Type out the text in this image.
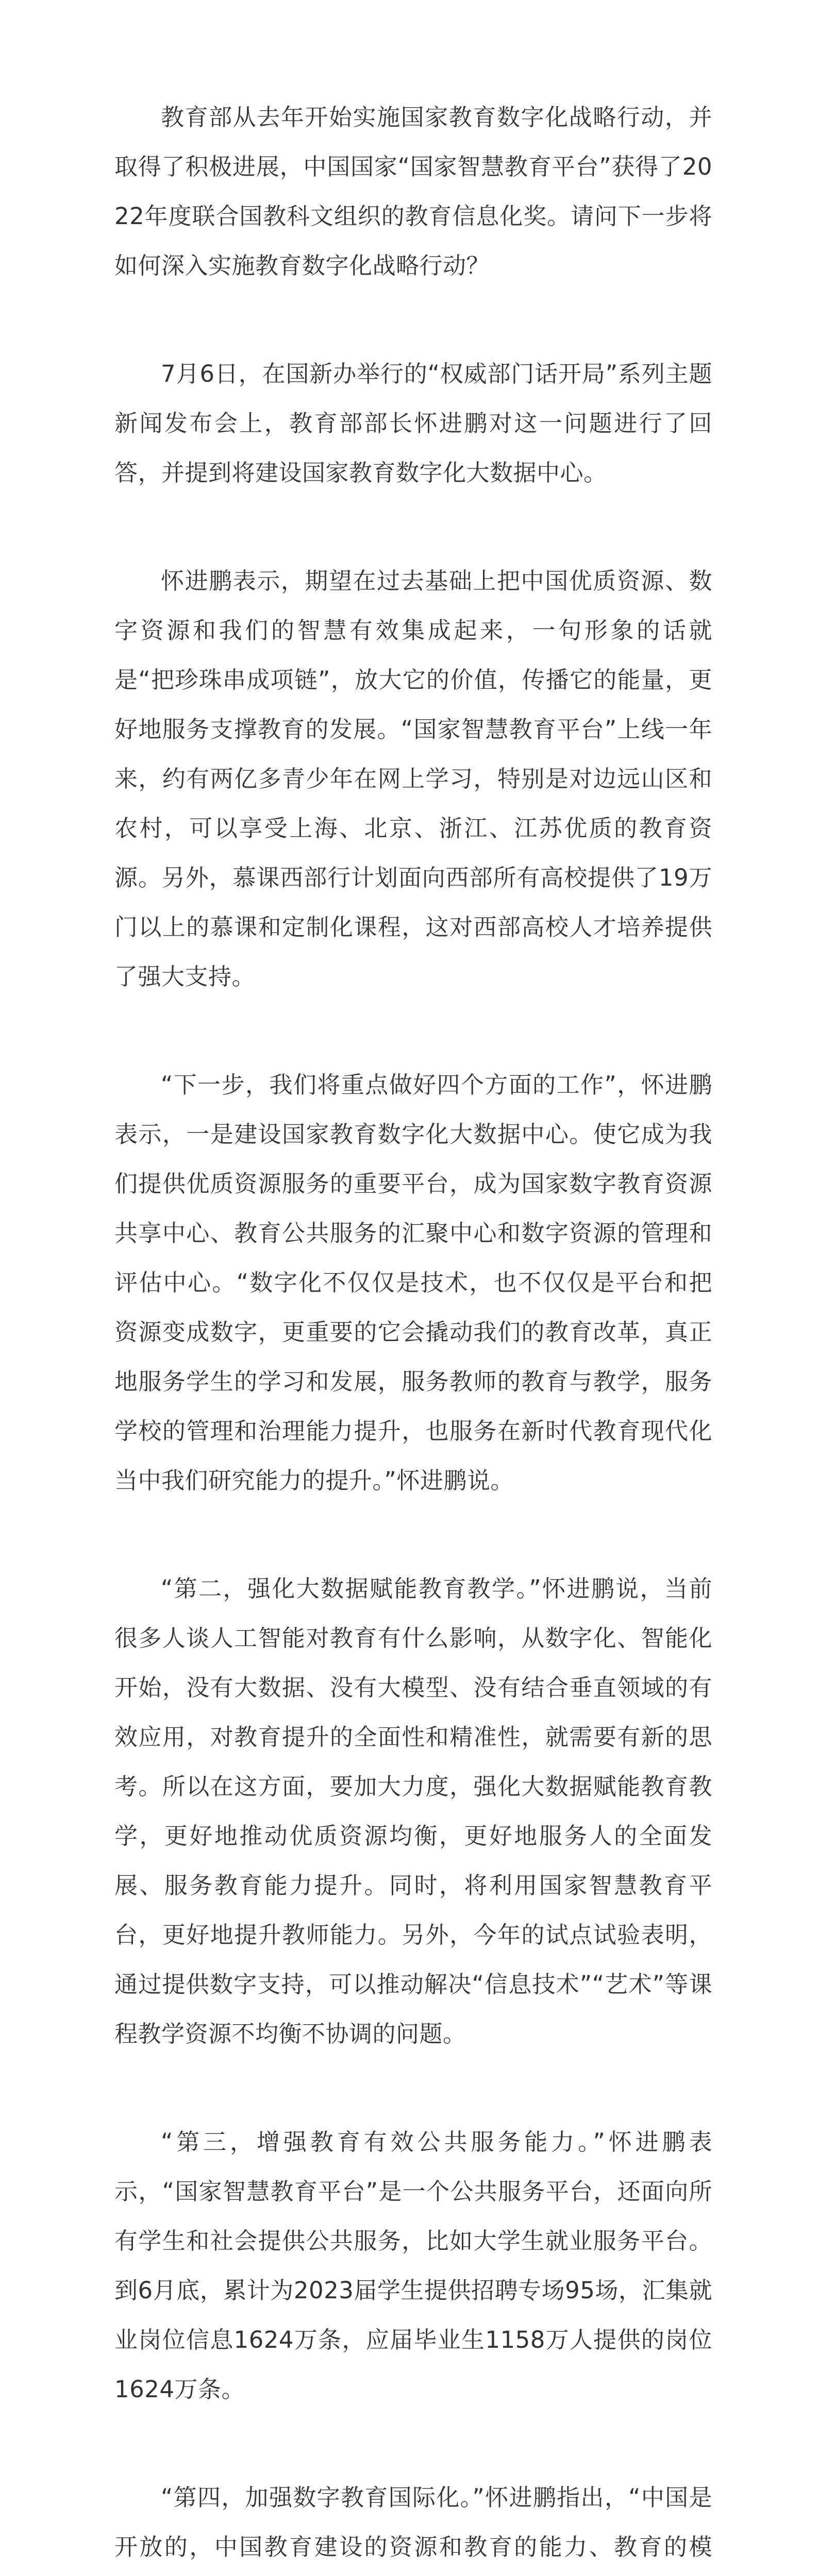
教育部从去年开始实施国家教育数字化战略行动，并取得了积极进展，中国国家“国家智慧教育平台”获得了2022年度联合国教科文组织的教育信息化奖。请问下一步将如何深入实施教育数字化战略行动？

7月6日，在国新办举行的“权威部门话开局”系列主题新闻发布会上，教育部部长怀进鹏对这一问题进行了回答，并提到将建设国家教育数字化大数据中心。

怀进鹏表示，期望在过去基础上把中国优质资源、数字资源和我们的智慧有效集成起来，一句形象的话就是“把珍珠串成项链”，放大它的价值，传播它的能量，更好地服务支撑教育的发展。“国家智慧教育平台”上线一年来，约有两亿多青少年在网上学习，特别是对边远山区和农村，可以享受上海、北京、浙江、江苏优质的教育资源。另外，慕课西部行计划面向西部所有高校提供了19万门以上的慕课和定制化课程，这对西部高校人才培养提供了强大支持。

“下一步，我们将重点做好四个方面的工作”，怀进鹏表示，一是建设国家教育数字化大数据中心。使它成为我们提供优质资源服务的重要平台，成为国家数字教育资源共享中心、教育公共服务的汇聚中心和数字资源的管理和评估中心。“数字化不仅仅是技术，也不仅仅是平台和把资源变成数字，更重要的它会撬动我们的教育改革，真正地服务学生的学习和发展，服务教师的教育与教学，服务学校的管理和治理能力提升，也服务在新时代教育现代化当中我们研究能力的提升。”怀进鹏说。

“第二，强化大数据赋能教育教学。”怀进鹏说，当前很多人谈人工智能对教育有什么影响，从数字化、智能化开始，没有大数据、没有大模型、没有结合垂直领域的有效应用，对教育提升的全面性和精准性，就需要有新的思考。所以在这方面，要加大力度，强化大数据赋能教育教学，更好地推动优质资源均衡，更好地服务人的全面发展、服务教育能力提升。同时，将利用国家智慧教育平台，更好地提升教师能力。另外，今年的试点试验表明，通过提供数字支持，可以推动解决“信息技术”“艺术”等课程教学资源不均衡不协调的问题。

“第三，增强教育有效公共服务能力。”怀进鹏表示，“国家智慧教育平台”是一个公共服务平台，还面向所有学生和社会提供公共服务，比如大学生就业服务平台。到6月底，累计为2023届学生提供招聘专场95场，汇集就业岗位信息1624万条，应届毕业生1158万人提供的岗位1624万条。

“第四，加强数字教育国际化。”怀进鹏指出，“中国是开放的，中国教育建设的资源和教育的能力、教育的模
